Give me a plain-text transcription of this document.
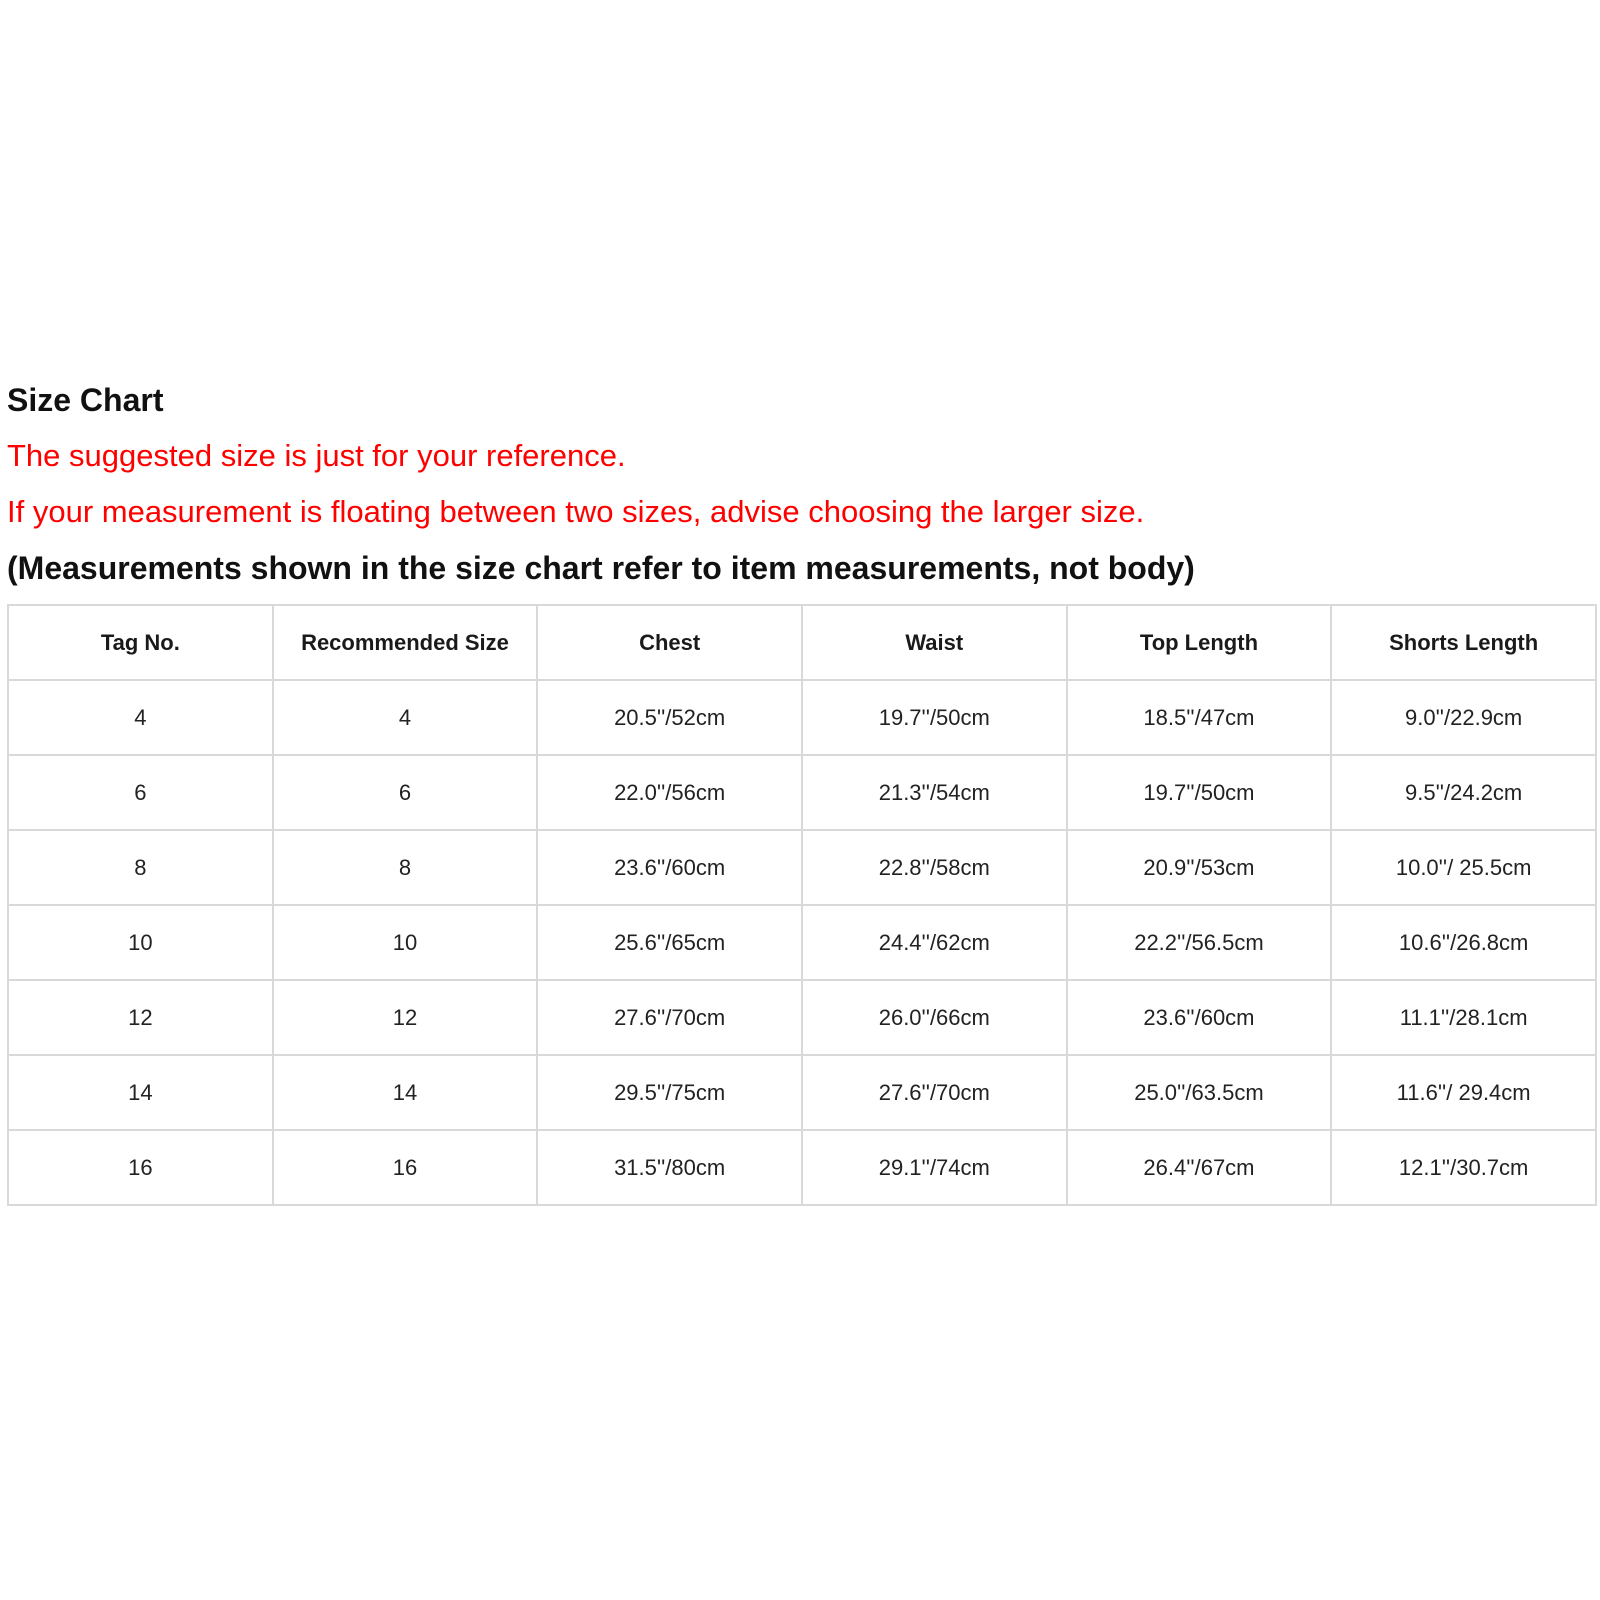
Size Chart
The suggested size is just for your reference.
If your measurement is floating between two sizes, advise choosing the larger size.
(Measurements shown in the size chart refer to item measurements, not body)
Tag No.	Recommended Size	Chest	Waist	Top Length	Shorts Length
4	4	20.5''/52cm	19.7''/50cm	18.5''/47cm	9.0''/22.9cm
6	6	22.0''/56cm	21.3''/54cm	19.7''/50cm	9.5''/24.2cm
8	8	23.6''/60cm	22.8''/58cm	20.9''/53cm	10.0''/ 25.5cm
10	10	25.6''/65cm	24.4''/62cm	22.2''/56.5cm	10.6''/26.8cm
12	12	27.6''/70cm	26.0''/66cm	23.6''/60cm	11.1''/28.1cm
14	14	29.5''/75cm	27.6''/70cm	25.0''/63.5cm	11.6''/ 29.4cm
16	16	31.5''/80cm	29.1''/74cm	26.4''/67cm	12.1''/30.7cm
